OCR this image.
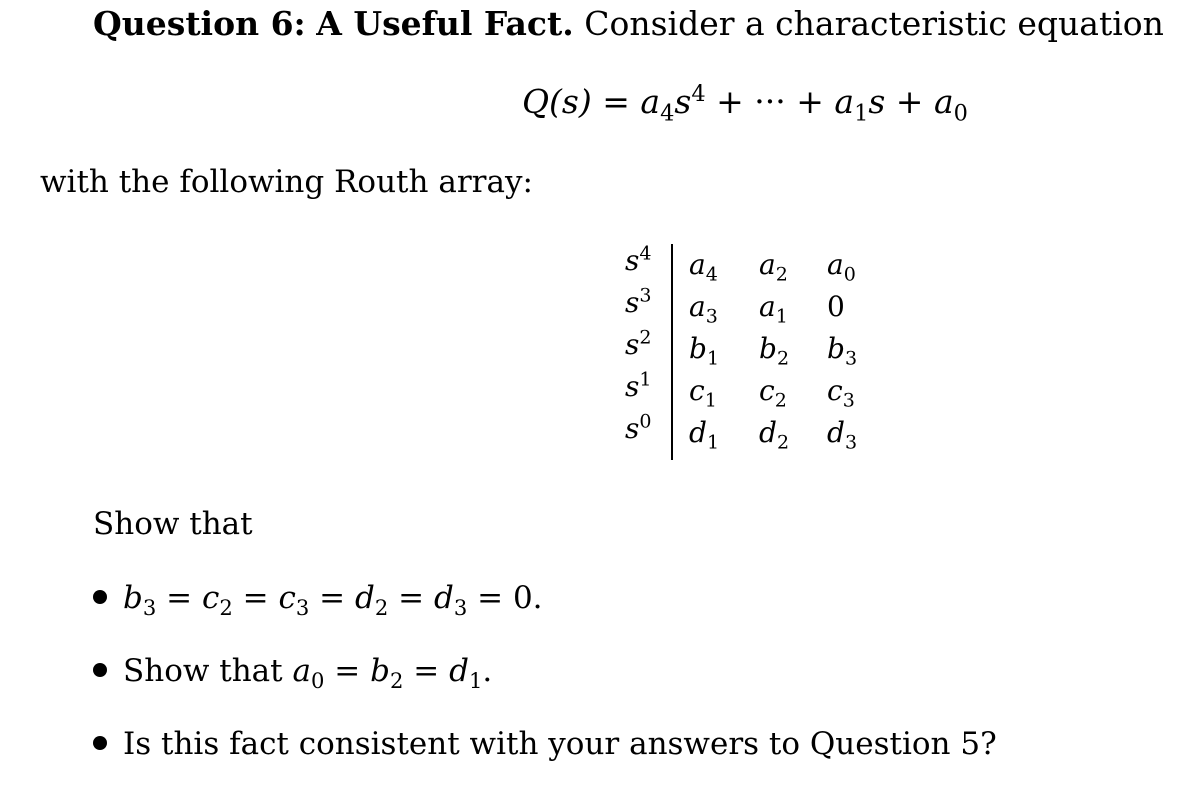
Question 6: A Useful Fact. Consider a characteristic equation
$Q(s) = a_4s^4$ + ··· + $a_1s + a_0$
with the following Routh array:
$s^4$	$a_4$ $a_2$ $a_0$
$s^3$	$a_3$ $a_1$ 0
$s^2$	$b_1$ $b_2$ $b_3$
$s^1$	$c_1$ $c_2$ $c_3$
$s^0$	$d_1$ $d_2$ $d_3$
Show that
$b_3 = c_2 = c_3 = d_2 = d_3 = 0$.
Show that $a_0 = b_2 = d_1$.
Is this fact consistent with your answers to Question 5?
